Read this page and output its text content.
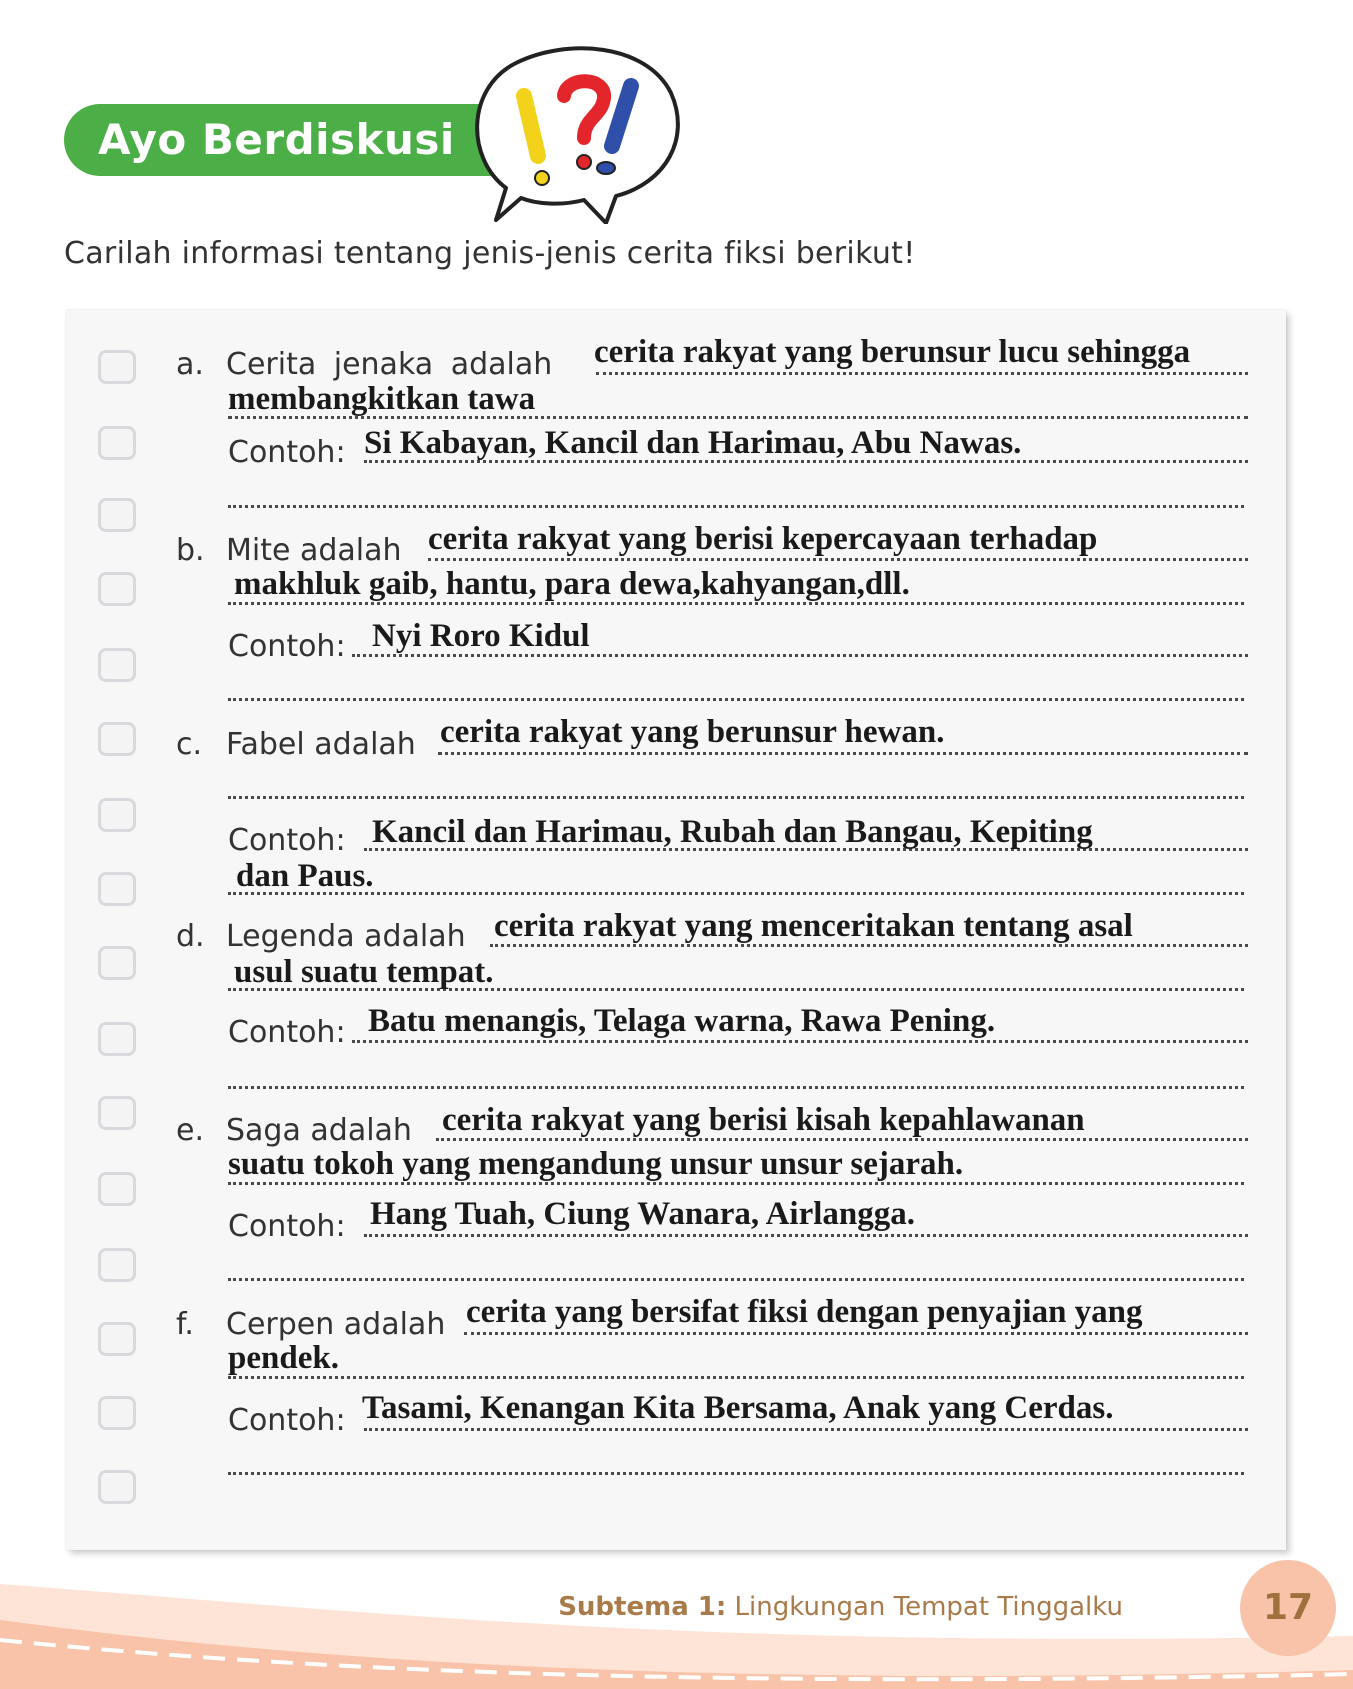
Ayo Berdiskusi
Carilah informasi tentang jenis-jenis cerita fiksi berikut!
a. Cerita jenaka adalah cerita rakyat yang berunsur lucu sehingga
membangkitkan tawa
Contoh: Si Kabayan, Kancil dan Harimau, Abu Nawas.
b. Mite adalah cerita rakyat yang berisi kepercayaan terhadap
makhluk gaib, hantu, para dewa,kahyangan,dll.
Contoh: Nyi Roro Kidul
c. Fabel adalah cerita rakyat yang berunsur hewan.
Contoh: Kancil dan Harimau, Rubah dan Bangau, Kepiting
dan Paus.
d. Legenda adalah cerita rakyat yang menceritakan tentang asal
usul suatu tempat.
Contoh: Batu menangis, Telaga warna, Rawa Pening.
e. Saga adalah cerita rakyat yang berisi kisah kepahlawanan
suatu tokoh yang mengandung unsur unsur sejarah.
Contoh: Hang Tuah, Ciung Wanara, Airlangga.
f. Cerpen adalah cerita yang bersifat fiksi dengan penyajian yang
pendek.
Contoh: Tasami, Kenangan Kita Bersama, Anak yang Cerdas.
Subtema 1: Lingkungan Tempat Tinggalku	17
